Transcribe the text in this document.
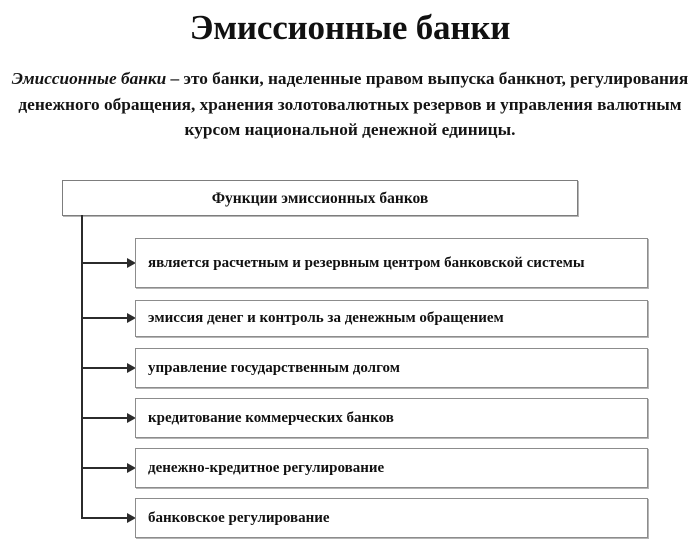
Эмиссионные банки
Эмиссионные банки – это банки, наделенные правом выпуска банкнот, регулирования денежного обращения, хранения золотовалютных резервов и управления валютным курсом национальной денежной единицы.
Функции эмиссионных банков
является расчетным и резервным центром банковской системы
эмиссия денег и контроль за денежным обращением
управление государственным долгом
кредитование коммерческих банков
денежно-кредитное регулирование
банковское регулирование
